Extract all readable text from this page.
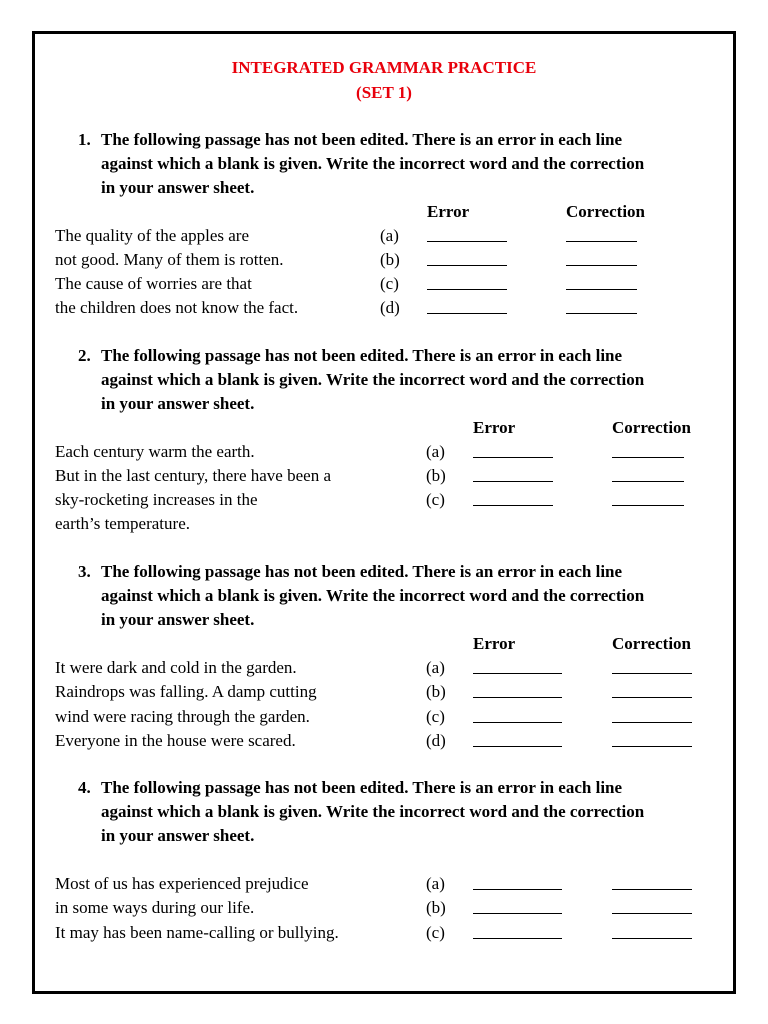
INTEGRATED GRAMMAR PRACTICE
(SET 1)
1. The following passage has not been edited. There is an error in each line
against which a blank is given. Write the incorrect word and the correction
in your answer sheet.
Error	Correction
The quality of the apples are	(a)
not good. Many of them is rotten.	(b)
The cause of worries are that	(c)
the children does not know the fact.	(d)
2. The following passage has not been edited. There is an error in each line
against which a blank is given. Write the incorrect word and the correction
in your answer sheet.
Error	Correction
Each century warm the earth.	(a)
But in the last century, there have been a	(b)
sky-rocketing increases in the	(c)
earth’s temperature.
3. The following passage has not been edited. There is an error in each line
against which a blank is given. Write the incorrect word and the correction
in your answer sheet.
Error	Correction
It were dark and cold in the garden.	(a)
Raindrops was falling. A damp cutting	(b)
wind were racing through the garden.	(c)
Everyone in the house were scared.	(d)
4. The following passage has not been edited. There is an error in each line
against which a blank is given. Write the incorrect word and the correction
in your answer sheet.
Most of us has experienced prejudice	(a)
in some ways during our life.	(b)
It may has been name-calling or bullying.	(c)
